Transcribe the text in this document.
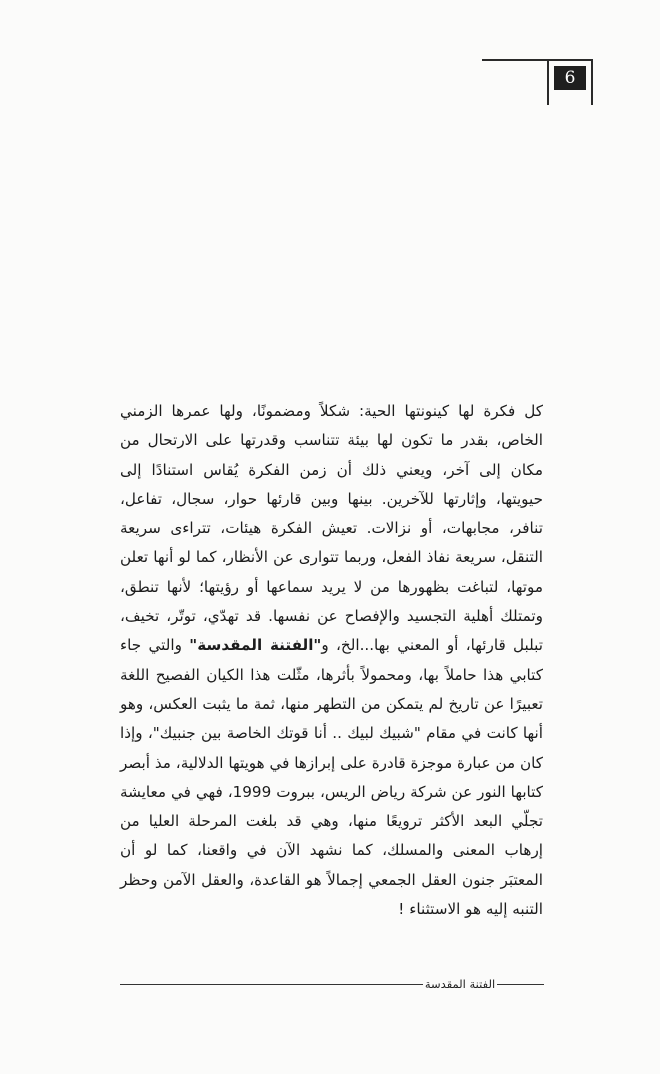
6

كل فكرة لها كينونتها الحية: شكلاً ومضمونًا، ولها عمرها الزمني الخاص، بقدر ما تكون لها بيئة تتناسب وقدرتها على الارتحال من مكان إلى آخر، ويعني ذلك أن زمن الفكرة يُقاس استنادًا إلى حيويتها، وإثارتها للآخرين. بينها وبين قارئها حوار، سجال، تفاعل، تنافر، مجابهات، أو نزالات. تعيش الفكرة هيئات، تتراءى سريعة التنقل، سريعة نفاذ الفعل، وربما تتوارى عن الأنظار، كما لو أنها تعلن موتها، لتباغت بظهورها من لا يريد سماعها أو رؤيتها؛ لأنها تنطق، وتمتلك أهلية التجسيد والإفصاح عن نفسها. قد تهدّي، توتّر، تخيف، تبلبل قارئها، أو المعني بها...الخ، و"الفتنة المقدسة" والتي جاء كتابي هذا حاملاً بها، ومحمولاً بأثرها، مثّلت هذا الكيان الفصيح اللغة تعبيرًا عن تاريخ لم يتمكن من التطهر منها، ثمة ما يثبت العكس، وهو أنها كانت في مقام "شبيك لبيك .. أنا قوتك الخاصة بين جنبيك"، وإذا كان من عبارة موجزة قادرة على إبرازها في هويتها الدلالية، مذ أبصر كتابها النور عن شركة رياض الريس، ببروت 1999، فهي في معايشة تجلّي البعد الأكثر ترويعًا منها، وهي قد بلغت المرحلة العليا من إرهاب المعنى والمسلك، كما نشهد الآن في واقعنا، كما لو أن المعتبَر جنون العقل الجمعي إجمالاً هو القاعدة، والعقل الآمن وحظر التنبه إليه هو الاستثناء !

الفتنة المقدسة
